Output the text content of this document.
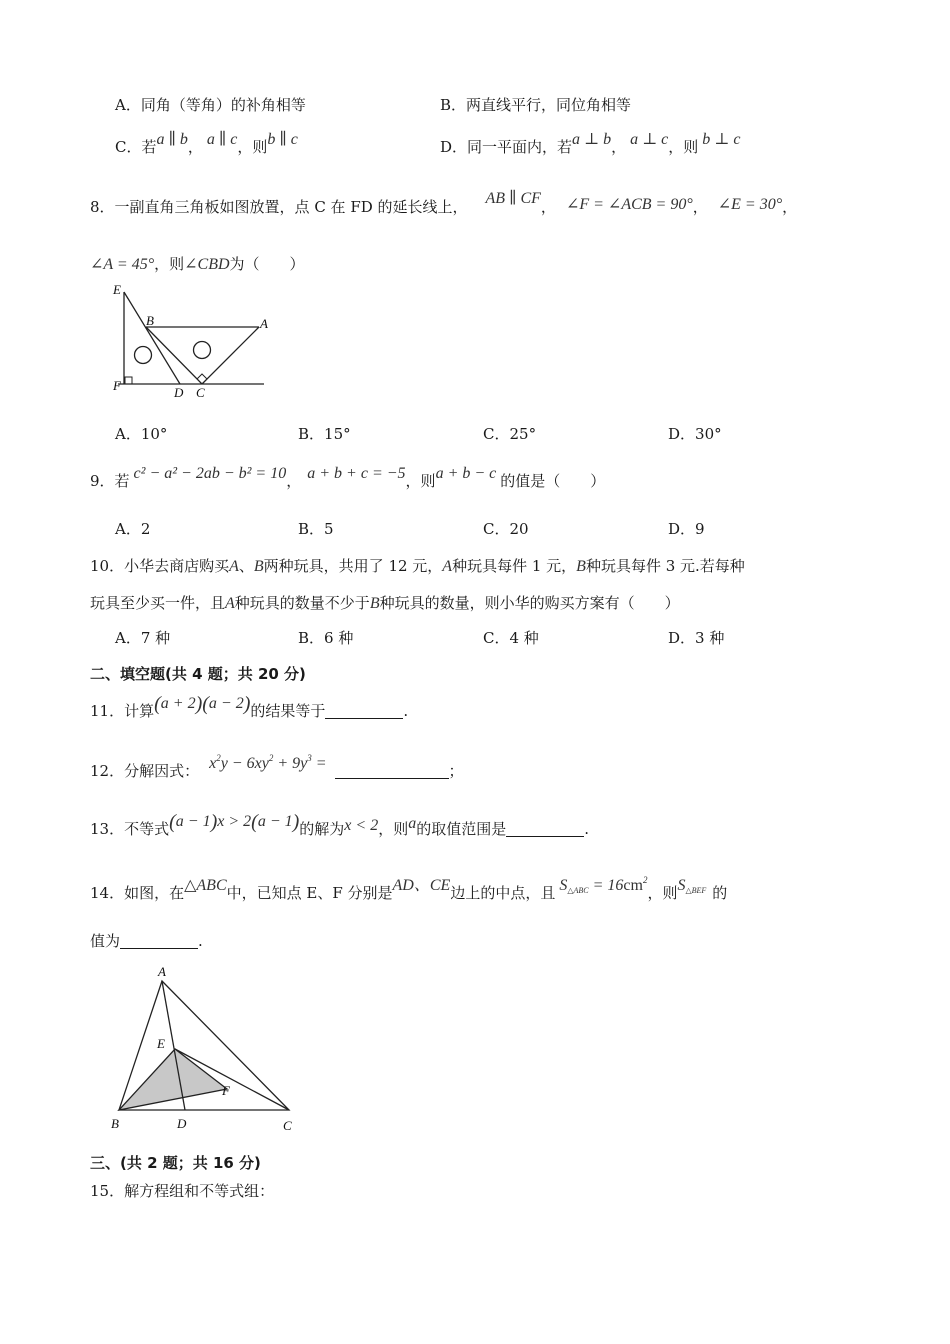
A．同角（等角）的补角相等	B．两直线平行，同位角相等
C．若a ∥ b， a ∥ c，则b ∥ c	D．同一平面内，若a ⊥ b， a ⊥ c，则 b ⊥ c
8．一副直角三角板如图放置，点 C 在 FD 的延长线上， AB ∥ CF， ∠F = ∠ACB = 90°， ∠E = 30°，
∠A = 45°，则∠CBD为（　　）
E
B	A
F	D C
A．10°	B．15°	C．25°	D．30°
9．若 c² − a² − 2ab − b² = 10， a + b + c = −5，则a + b − c 的值是（　　）
A．2	B．5	C．20	D．9
10．小华去商店购买A、B两种玩具，共用了 12 元，A种玩具每件 1 元，B种玩具每件 3 元.若每种
玩具至少买一件，且A种玩具的数量不少于B种玩具的数量，则小华的购买方案有（　　）
A．7 种	B．6 种	C．4 种	D．3 种
二、填空题(共 4 题；共 20 分)
11．计算(a + 2)(a − 2)的结果等于	.
12．分解因式： $x^2y - 6xy^2 + 9y^3$ =	；
13．不等式(a − 1)x > 2(a − 1)的解为x < 2，则a的取值范围是	.
14．如图，在△ABC中，已知点 E、F 分别是AD、CE边上的中点，且 $S_{\triangle ABC} = 16cm^2$，则$S_{\triangle BEF}$ 的
值为	.
A
E
F
B	D	C
三、(共 2 题；共 16 分)
15．解方程组和不等式组：
